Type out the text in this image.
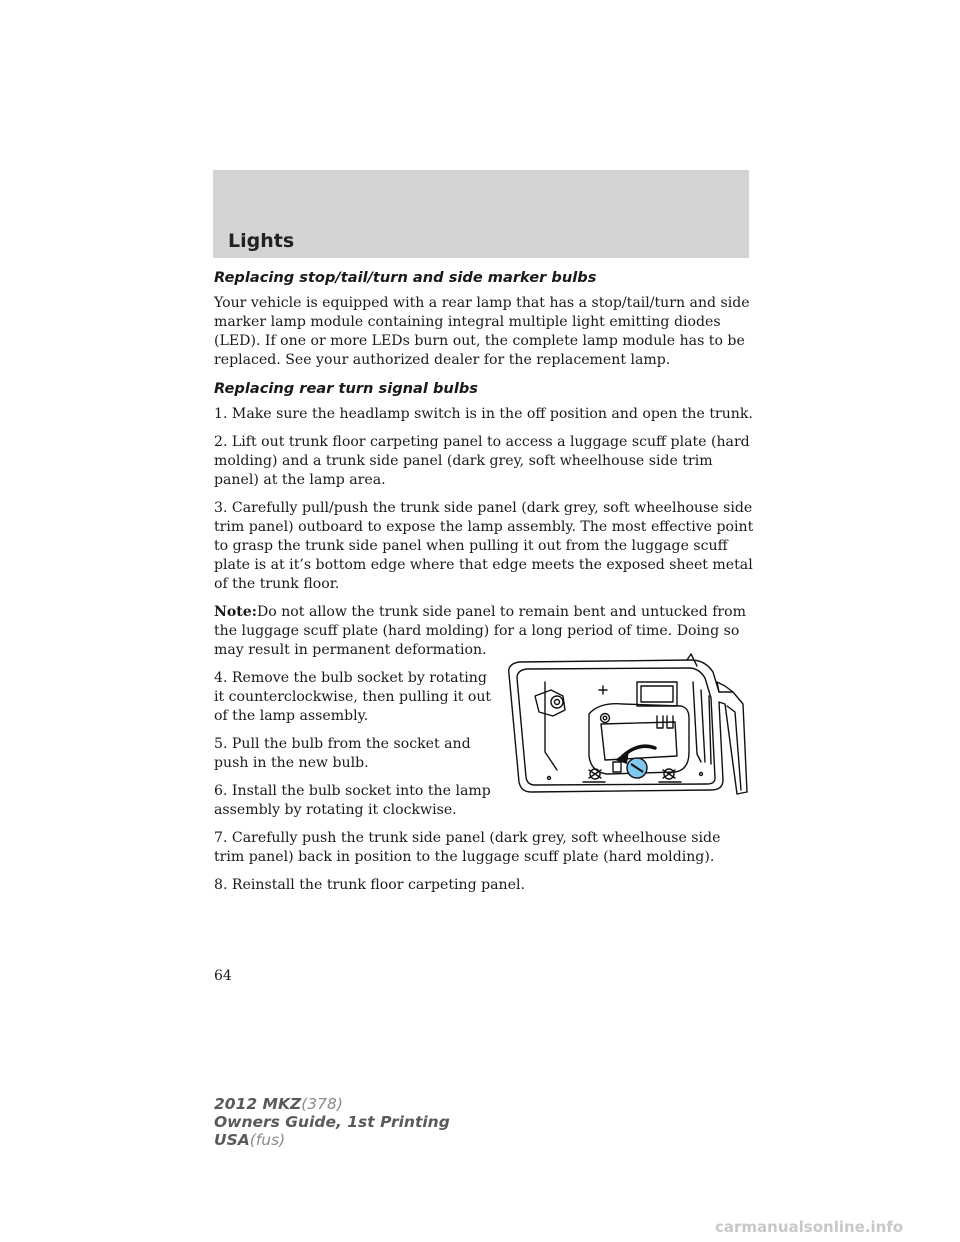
Lights
Replacing stop/tail/turn and side marker bulbs

Your vehicle is equipped with a rear lamp that has a stop/tail/turn and side marker lamp module containing integral multiple light emitting diodes (LED). If one or more LEDs burn out, the complete lamp module has to be replaced. See your authorized dealer for the replacement lamp.

Replacing rear turn signal bulbs

1. Make sure the headlamp switch is in the off position and open the trunk.

2. Lift out trunk floor carpeting panel to access a luggage scuff plate (hard molding) and a trunk side panel (dark grey, soft wheelhouse side trim panel) at the lamp area.

3. Carefully pull/push the trunk side panel (dark grey, soft wheelhouse side trim panel) outboard to expose the lamp assembly. The most effective point to grasp the trunk side panel when pulling it out from the luggage scuff plate is at it’s bottom edge where that edge meets the exposed sheet metal of the trunk floor.

Note:Do not allow the trunk side panel to remain bent and untucked from the luggage scuff plate (hard molding) for a long period of time. Doing so may result in permanent deformation.

4. Remove the bulb socket by rotating it counterclockwise, then pulling it out of the lamp assembly.

5. Pull the bulb from the socket and push in the new bulb.

6. Install the bulb socket into the lamp assembly by rotating it clockwise.

7. Carefully push the trunk side panel (dark grey, soft wheelhouse side trim panel) back in position to the luggage scuff plate (hard molding).

8. Reinstall the trunk floor carpeting panel.

64
2012 MKZ(378)
Owners Guide, 1st Printing
USA(fus)
carmanualsonline.info
